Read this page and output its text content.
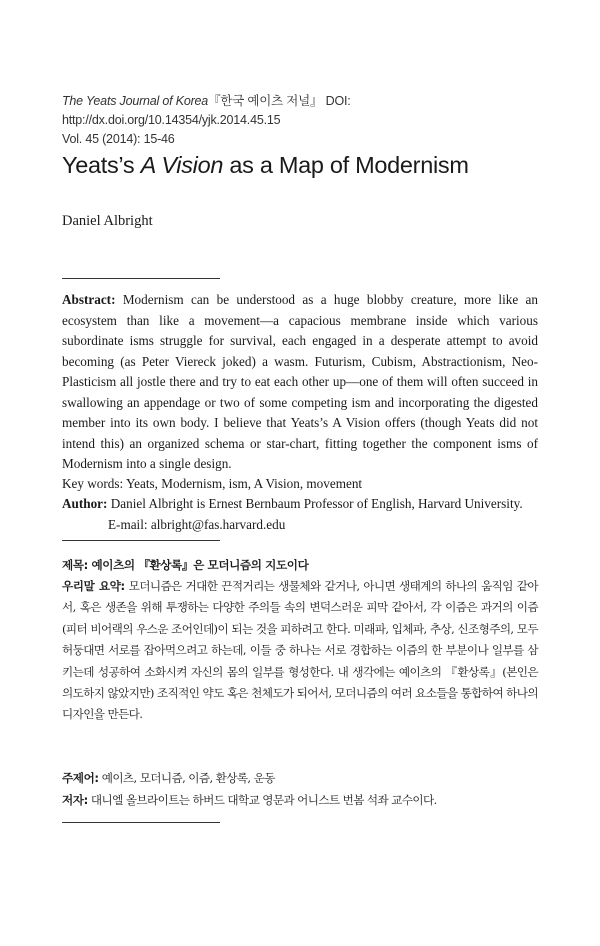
The Yeats Journal of Korea『한국 예이츠 저널』 DOI: http://dx.doi.org/10.14354/yjk.2014.45.15
Vol. 45 (2014): 15-46
Yeats’s A Vision as a Map of Modernism
Daniel Albright

Abstract: Modernism can be understood as a huge blobby creature, more like an ecosystem than like a movement—a capacious membrane inside which various subordinate isms struggle for survival, each engaged in a desperate attempt to avoid becoming (as Peter Viereck joked) a wasm. Futurism, Cubism, Abstractionism, Neo-Plasticism all jostle there and try to eat each other up—one of them will often succeed in swallowing an appendage or two of some competing ism and incorporating the digested member into its own body. I believe that Yeats’s A Vision offers (though Yeats did not intend this) an organized schema or star-chart, fitting together the component isms of Modernism into a single design.

Key words: Yeats, Modernism, ism, A Vision, movement

Author: Daniel Albright is Ernest Bernbaum Professor of English, Harvard University.
E-mail: albright@fas.harvard.edu

제목: 예이츠의 『환상록』은 모더니즘의 지도이다

우리말 요약: 모더니즘은 거대한 끈적거리는 생물체와 같거나, 아니면 생태계의 하나의 움직임 같아서, 혹은 생존을 위해 투쟁하는 다양한 주의들 속의 변덕스러운 피막 같아서, 각 이즘은 과거의 이즘(피터 비어랙의 우스운 조어인데)이 되는 것을 피하려고 한다. 미래파, 입체파, 추상, 신조형주의, 모두 허둥대면 서로를 잡아먹으려고 하는데, 이들 중 하나는 서로 경합하는 이즘의 한 부분이나 일부를 삼키는데 성공하여 소화시켜 자신의 몸의 일부를 형성한다. 내 생각에는 예이츠의 『환상록』(본인은 의도하지 않았지만) 조직적인 약도 혹은 천체도가 되어서, 모더니즘의 여러 요소들을 통합하여 하나의 디자인을 만든다.

주제어: 예이츠, 모더니즘, 이즘, 환상록, 운동

저자: 대니엘 올브라이트는 하버드 대학교 영문과 어니스트 번봄 석좌 교수이다.
